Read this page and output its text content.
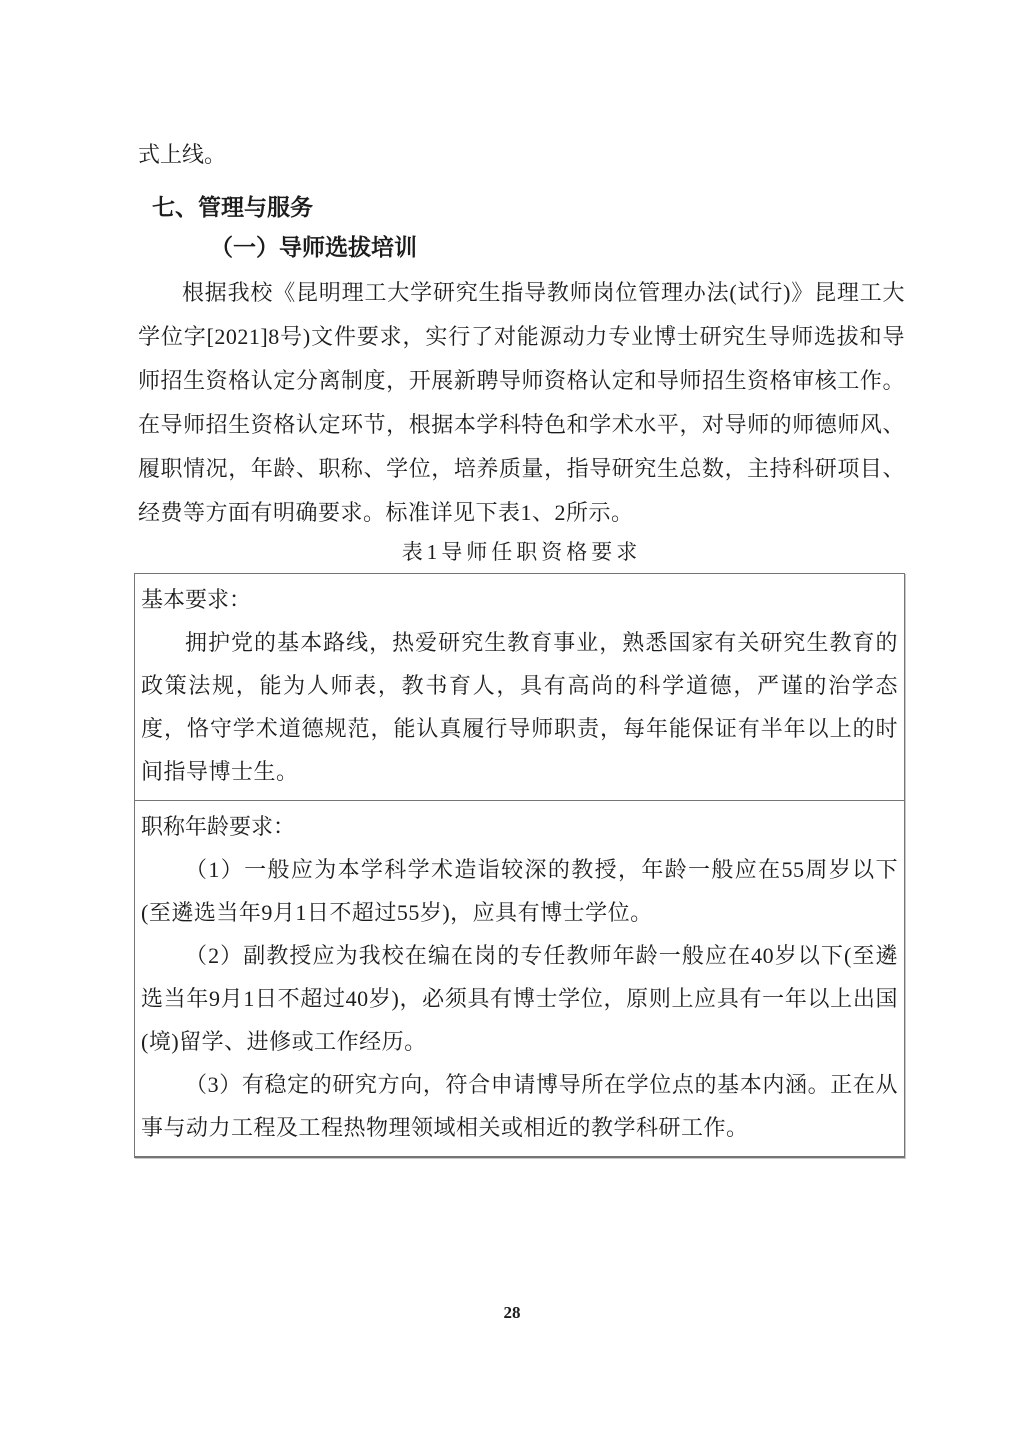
式上线。

七、管理与服务
（一）导师选拔培训

根据我校《昆明理工大学研究生指导教师岗位管理办法(试行)》昆理工大学位字[2021]8号)文件要求，实行了对能源动力专业博士研究生导师选拔和导师招生资格认定分离制度，开展新聘导师资格认定和导师招生资格审核工作。在导师招生资格认定环节，根据本学科特色和学术水平，对导师的师德师风、履职情况，年龄、职称、学位，培养质量，指导研究生总数，主持科研项目、经费等方面有明确要求。标准详见下表1、2所示。

表1导师任职资格要求

基本要求：

拥护党的基本路线，热爱研究生教育事业，熟悉国家有关研究生教育的政策法规，能为人师表，教书育人，具有高尚的科学道德，严谨的治学态度，恪守学术道德规范，能认真履行导师职责，每年能保证有半年以上的时间指导博士生。

职称年龄要求：

（1）一般应为本学科学术造诣较深的教授，年龄一般应在55周岁以下(至遴选当年9月1日不超过55岁)，应具有博士学位。

（2）副教授应为我校在编在岗的专任教师年龄一般应在40岁以下(至遴选当年9月1日不超过40岁)，必须具有博士学位，原则上应具有一年以上出国(境)留学、进修或工作经历。

（3）有稳定的研究方向，符合申请博导所在学位点的基本内涵。正在从事与动力工程及工程热物理领域相关或相近的教学科研工作。

28
